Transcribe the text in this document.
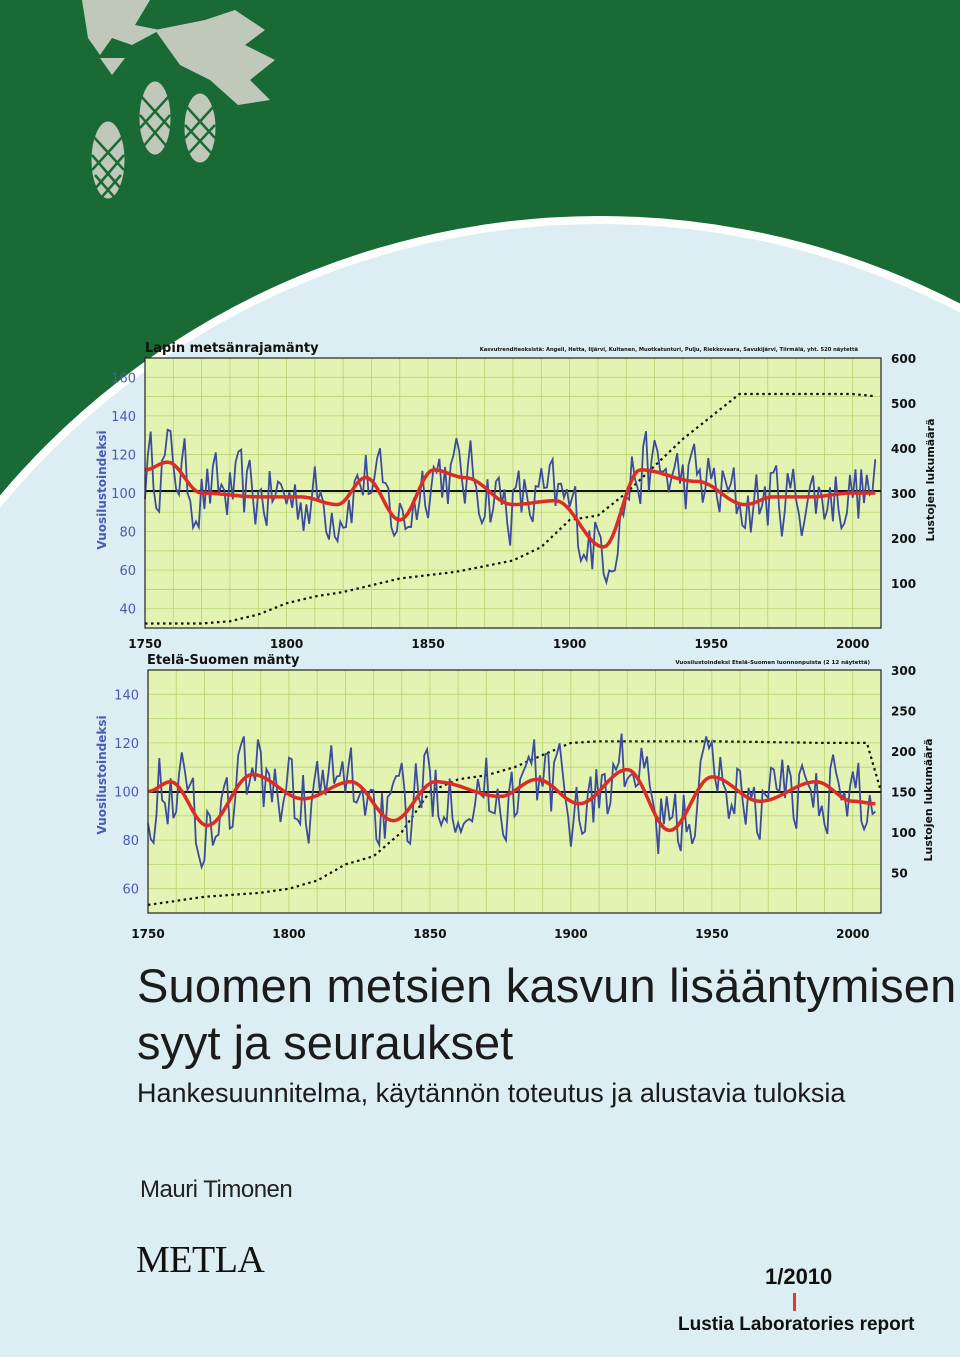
Lapin metsänrajamänty	Kasvutrenditeoksistä: Angeli, Hetta, Iijärvi, Kultanen, Muotkatunturi, Pulju, Riekkovaara, Savukijärvi, Tiirmälä, yht. 520 näytettä
Vuosilustoindeksi	Lustojen lukumäärä
1750	1800	1850	1900	1950	2000
40
60
80
100
120
140
160
100
200
300
400
500
600
Etelä-Suomen mänty	Vuosilustoindeksi Etelä-Suomen luonnonpuista (2 12 näytettä)
Vuosilustoindeksi	Lustojen lukumäärä
1750	1800	1850	1900	1950	2000
60
80
100
120
140
50
100
150
200
250
300
Suomen metsien kasvun lisääntymisen
syyt ja seuraukset
Hankesuunnitelma, käytännön toteutus ja alustavia tuloksia
Mauri Timonen
METLA	1/2010
Lustia Laboratories report
